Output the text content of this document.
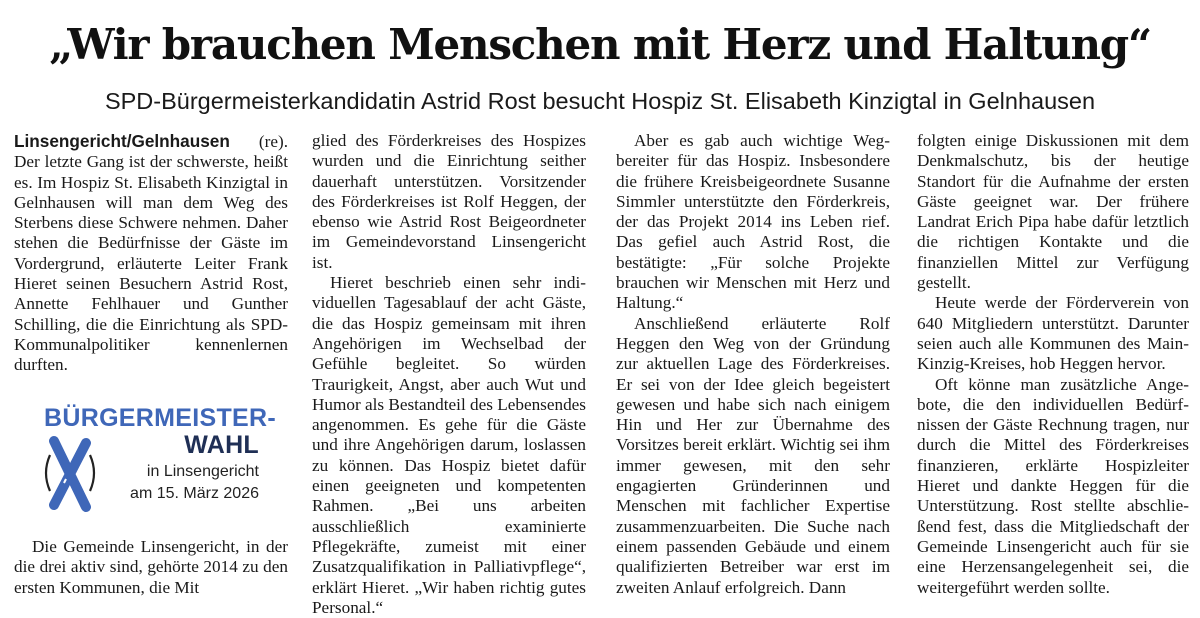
„Wir brauchen Menschen mit Herz und Haltung“
SPD-Bürgermeisterkandidatin Astrid Rost besucht Hospiz St. Elisabeth Kinzigtal in Gelnhausen

Linsengericht/Gelnhausen (re). Der letzte Gang ist der schwerste, heißt es. Im Hospiz St. Elisabeth Kinzigtal in Gelnhausen will man dem Weg des Sterbens diese Schwere nehmen. Daher stehen die Bedürfnisse der Gäste im Vordergrund, erläuterte Leiter Frank Hieret seinen Besuchern Astrid Rost, Annette Fehlhauer und Gunther Schilling, die die Einrichtung als SPD-Kommunalpolitiker kennenlernen durften.

BÜRGERMEISTER-
WAHL
in Linsengericht
am 15. März 2026

Die Gemeinde Linsengericht, in der die drei aktiv sind, gehörte 2014 zu den ersten Kommunen, die Mit

glied des Förderkreises des Hospizes wurden und die Einrichtung seither dauerhaft unterstützen. Vorsitzender des Förderkreises ist Rolf Heggen, der ebenso wie Astrid Rost Beigeordneter im Gemeindevorstand Linsengericht ist.

Hieret beschrieb einen sehr individuellen Tagesablauf der acht Gäste, die das Hospiz gemeinsam mit ihren Angehörigen im Wechselbad der Gefühle begleitet. So würden Traurigkeit, Angst, aber auch Wut und Humor als Bestandteil des Lebensendes angenommen. Es gehe für die Gäste und ihre Angehörigen darum, loslassen zu können. Das Hospiz bietet dafür einen geeigneten und kompetenten Rahmen. „Bei uns arbeiten ausschließlich examinierte Pflegekräfte, zumeist mit einer Zusatzqualifikation in Palliativpflege“, erklärt Hieret. „Wir haben richtig gutes Personal.“

Aber es gab auch wichtige Wegbereiter für das Hospiz. Insbesondere die frühere Kreisbeigeordnete Susanne Simmler unterstützte den Förderkreis, der das Projekt 2014 ins Leben rief. Das gefiel auch Astrid Rost, die bestätigte: „Für solche Projekte brauchen wir Menschen mit Herz und Haltung.“

Anschließend erläuterte Rolf Heggen den Weg von der Gründung zur aktuellen Lage des Förderkreises. Er sei von der Idee gleich begeistert gewesen und habe sich nach einigem Hin und Her zur Übernahme des Vorsitzes bereit erklärt. Wichtig sei ihm immer gewesen, mit den sehr engagierten Gründerinnen und Menschen mit fachlicher Expertise zusammenzuarbeiten. Die Suche nach einem passenden Gebäude und einem qualifizierten Betreiber war erst im zweiten Anlauf erfolgreich. Dann

folgten einige Diskussionen mit dem Denkmalschutz, bis der heutige Standort für die Aufnahme der ersten Gäste geeignet war. Der frühere Landrat Erich Pipa habe dafür letztlich die richtigen Kontakte und die finanziellen Mittel zur Verfügung gestellt.

Heute werde der Förderverein von 640 Mitgliedern unterstützt. Darunter seien auch alle Kommunen des Main-Kinzig-Kreises, hob Heggen hervor.

Oft könne man zusätzliche Angebote, die den individuellen Bedürfnissen der Gäste Rechnung tragen, nur durch die Mittel des Förderkreises finanzieren, erklärte Hospizleiter Hieret und dankte Heggen für die Unterstützung. Rost stellte abschließend fest, dass die Mitgliedschaft der Gemeinde Linsengericht auch für sie eine Herzensangelegenheit sei, die weitergeführt werden sollte.
